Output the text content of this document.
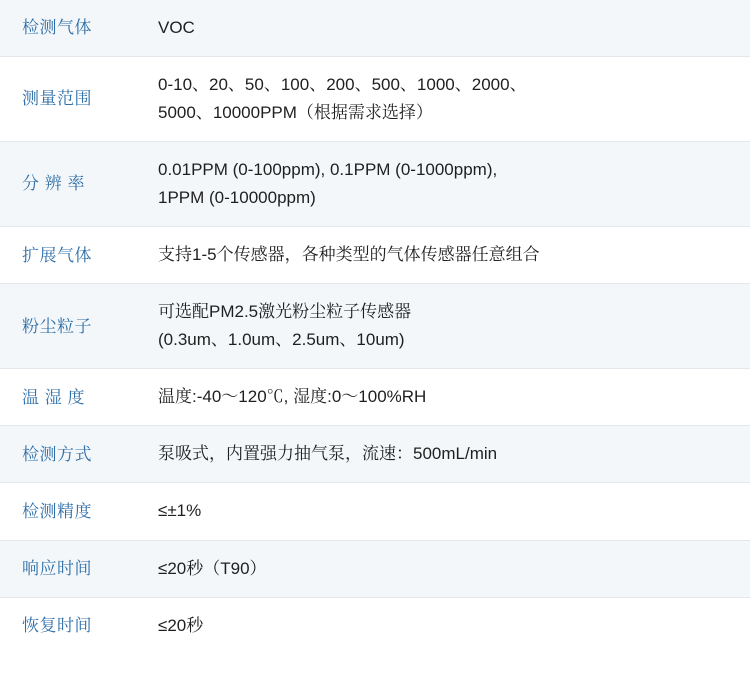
检测气体	VOC

测量范围	0-10、20、50、100、200、500、1000、2000、
5000、10000PPM（根据需求选择）

分 辨 率	0.01PPM (0-100ppm), 0.1PPM (0-1000ppm),
1PPM (0-10000ppm)

扩展气体	支持1-5个传感器，各种类型的气体传感器任意组合

粉尘粒子	可选配PM2.5激光粉尘粒子传感器
(0.3um、1.0um、2.5um、10um)

温 湿 度	温度:-40～120℃, 湿度:0～100%RH

检测方式	泵吸式，内置强力抽气泵，流速：500mL/min

检测精度	≤±1%

响应时间	≤20秒（T90）

恢复时间	≤20秒
